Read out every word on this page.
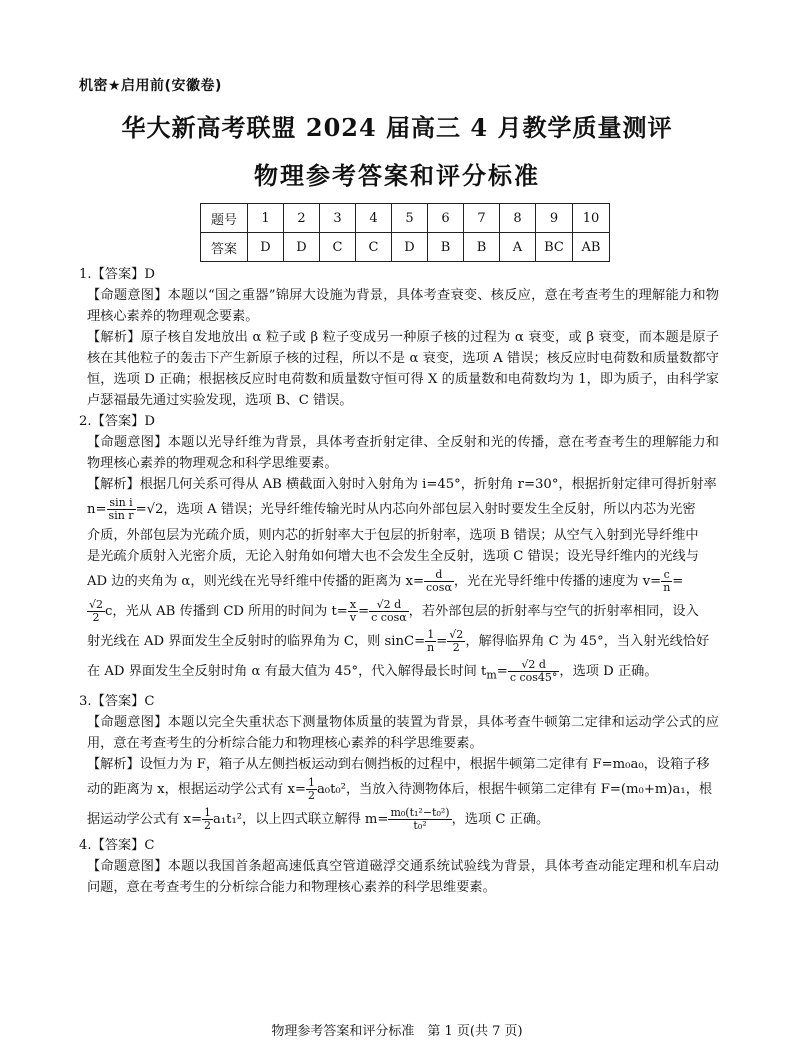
机密★启用前(安徽卷)
华大新高考联盟 2024 届高三 4 月教学质量测评
物理参考答案和评分标准
题号	1	2	3	4	5	6	7	8	9	10
答案	D	D	C	C	D	B	B	A	BC	AB

1.【答案】D

【命题意图】本题以“国之重器”锦屏大设施为背景，具体考查衰变、核反应，意在考查考生的理解能力和物理核心素养的物理观念要素。

【解析】原子核自发地放出 α 粒子或 β 粒子变成另一种原子核的过程为 α 衰变，或 β 衰变，而本题是原子核在其他粒子的轰击下产生新原子核的过程，所以不是 α 衰变，选项 A 错误；核反应时电荷数和质量数都守恒，选项 D 正确；根据核反应时电荷数和质量数守恒可得 X 的质量数和电荷数均为 1，即为质子，由科学家卢瑟福最先通过实验发现，选项 B、C 错误。

2.【答案】D

【命题意图】本题以光导纤维为背景，具体考查折射定律、全反射和光的传播，意在考查考生的理解能力和物理核心素养的物理观念和科学思维要素。

【解析】根据几何关系可得从 AB 横截面入射时入射角为 i=45°，折射角 r=30°，根据折射定律可得折射率

$n= \frac{\text{sin i}}{\text{sin r}} =√2$，选项 A 错误；光导纤维传输光时从内芯向外部包层入射时要发生全反射，所以内芯为光密

介质，外部包层为光疏介质，则内芯的折射率大于包层的折射率，选项 B 错误；从空气入射到光导纤维中

是光疏介质射入光密介质，无论入射角如何增大也不会发生全反射，选项 C 错误；设光导纤维内的光线与

AD 边的夹角为 α，则光线在光导纤维中传播的距离为 $x= \frac{d}{\cos\alpha}$ ，光在光导纤维中传播的速度为 $v= \frac{c}{n}$ =

$\frac{√2}{2}$ c，光从 AB 传播到 CD 所用的时间为 $t= \frac{x}{v} = \frac{√2 d}{\text{c cosα}}$ ，若外部包层的折射率与空气的折射率相同，设入

射光线在 AD 界面发生全反射时的临界角为 C，则 $\sin C= \frac{1}{n} = \frac{√2}{2}$ ，解得临界角 C 为 45°，当入射光线恰好

在 AD 界面发生全反射时角 α 有最大值为 45°，代入解得最长时间 $t_m= \frac{√2 d}{\text{c cos45°}}$ ，选项 D 正确。

3.【答案】C

【命题意图】本题以完全失重状态下测量物体质量的装置为背景，具体考查牛顿第二定律和运动学公式的应用，意在考查考生的分析综合能力和物理核心素养的科学思维要素。

【解析】设恒力为 F，箱子从左侧挡板运动到右侧挡板的过程中，根据牛顿第二定律有 F=m₀a₀，设箱子移

动的距离为 x，根据运动学公式有 $x= \frac{1}{2} a_0t_0^2$，当放入待测物体后，根据牛顿第二定律有 F=(m₀+m)a₁，根

据运动学公式有 $x= \frac{1}{2} a_1t_1^2$，以上四式联立解得 $m= \frac{\text{m₀(t₁²−t₀²)}}{\text{t₀²}}$ ，选项 C 正确。

4.【答案】C

【命题意图】本题以我国首条超高速低真空管道磁浮交通系统试验线为背景，具体考查动能定理和机车启动问题，意在考查考生的分析综合能力和物理核心素养的科学思维要素。

物理参考答案和评分标准　第 1 页(共 7 页)
